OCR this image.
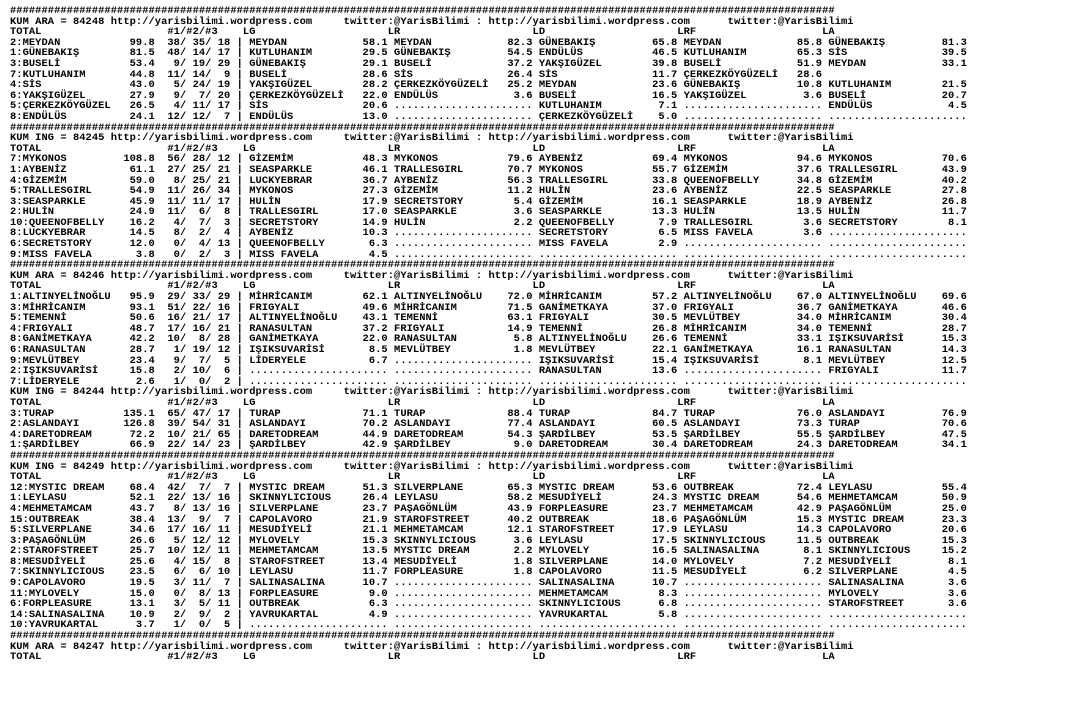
###################################################################################################################################
KUM ARA = 84248 http://yarisbilimi.wordpress.com     twitter:@YarisBilimi : http://yarisbilimi.wordpress.com      twitter:@YarisBilimi
TOTAL                    #1/#2/#3    LG                     LR                     LD                     LRF                    LA
2:MEYDAN           99.8  38/ 35/ 18 | MEYDAN            58.1 MEYDAN            82.3 GÜNEBAKIŞ         65.8 MEYDAN            85.8 GÜNEBAKIŞ         81.3
1:GÜNEBAKIŞ        81.5  48/ 14/ 17 | KUTLUHANIM        29.5 GÜNEBAKIŞ         54.5 ENDÜLÜS           46.5 KUTLUHANIM        65.3 SİS               39.5
3:BUSELİ           53.4   9/ 19/ 29 | GÜNEBAKIŞ         29.1 BUSELİ            37.2 YAKŞIGÜZEL        39.8 BUSELİ            51.9 MEYDAN            33.1
7:KUTLUHANIM       44.8  11/ 14/  9 | BUSELİ            28.6 SİS               26.4 SİS               11.7 ÇERKEZKÖYGÜZELİ   28.6
4:SİS              43.0   5/ 24/ 19 | YAKŞIGÜZEL        28.2 ÇERKEZKÖYGÜZELİ   25.2 MEYDAN            23.6 GÜNEBAKIŞ         10.8 KUTLUHANIM        21.5
6:YAKŞIGÜZEL       27.9   9/  7/ 20 | ÇERKEZKÖYGÜZELİ   22.0 ENDÜLÜS            3.6 BUSELİ            16.5 YAKŞIGÜZEL         3.6 BUSELİ            20.7
5:ÇERKEZKÖYGÜZEL   26.5   4/ 11/ 17 | SİS               20.6 ...................... KUTLUHANIM         7.1 ...................... ENDÜLÜS            4.5
8:ENDÜLÜS          24.1  12/ 12/  7 | ENDÜLÜS           13.0 ...................... ÇERKEZKÖYGÜZELİ    5.0 ...................... ......................
###################################################################################################################################
KUM ING = 84245 http://yarisbilimi.wordpress.com     twitter:@YarisBilimi : http://yarisbilimi.wordpress.com      twitter:@YarisBilimi
TOTAL                    #1/#2/#3    LG                     LR                     LD                     LRF                    LA
7:MYKONOS         108.8  56/ 28/ 12 | GİZEMİM           48.3 MYKONOS           79.6 AYBENİZ           69.4 MYKONOS           94.6 MYKONOS           70.6
1:AYBENİZ          61.1  27/ 25/ 21 | SEASPARKLE        46.1 TRALLESGIRL       70.7 MYKONOS           55.7 GİZEMİM           37.6 TRALLESGIRL       43.9
4:GİZEMİM          59.0   8/ 25/ 21 | LUCKYEBRAR        36.7 AYBENİZ           56.3 TRALLESGIRL       33.8 QUEENOFBELLY      34.8 GİZEMİM           40.2
5:TRALLESGIRL      54.9  11/ 26/ 34 | MYKONOS           27.3 GİZEMİM           11.2 HULİN             23.6 AYBENİZ           22.5 SEASPARKLE        27.8
3:SEASPARKLE       45.9  11/ 11/ 17 | HULİN             17.9 SECRETSTORY        5.4 GİZEMİM           16.1 SEASPARKLE        18.9 AYBENİZ           26.8
2:HULİN            24.9  11/  6/  8 | TRALLESGIRL       17.0 SEASPARKLE         3.6 SEASPARKLE        13.3 HULİN             13.5 HULİN             11.7
10:QUEENOFBELLY    16.2   4/  7/  3 | SECRETSTORY       14.9 HULİN              2.2 QUEENOFBELLY       7.9 TRALLESGIRL        3.6 SECRETSTORY        8.1
8:LUCKYEBRAR       14.5   8/  2/  4 | AYBENİZ           10.3 ...................... SECRETSTORY        6.5 MISS FAVELA        3.6 ......................
6:SECRETSTORY      12.0   0/  4/ 13 | QUEENOFBELLY       6.3 ...................... MISS FAVELA        2.9 ...................... ......................
9:MISS FAVELA       3.8   0/  2/  3 | MISS FAVELA        4.5 ...................... ...................... ...................... ......................
###################################################################################################################################
KUM ARA = 84246 http://yarisbilimi.wordpress.com     twitter:@YarisBilimi : http://yarisbilimi.wordpress.com      twitter:@YarisBilimi
TOTAL                    #1/#2/#3    LG                     LR                     LD                     LRF                    LA
1:ALTINYELİNOĞLU   95.9  29/ 33/ 29 | MİHRİCANIM        62.1 ALTINYELİNOĞLU    72.0 MİHRİCANIM        57.2 ALTINYELİNOĞLU    67.0 ALTINYELİNOĞLU    69.6
3:MİHRİCANIM       93.1  51/ 22/ 16 | FRIGYALI          49.6 MİHRİCANIM        71.5 GANİMETKAYA       37.0 FRIGYALI          36.7 GANİMETKAYA       46.6
5:TEMENNİ          50.6  16/ 21/ 17 | ALTINYELİNOĞLU    43.1 TEMENNİ           63.1 FRIGYALI          30.5 MEVLÜTBEY         34.0 MİHRİCANIM        30.4
4:FRIGYALI         48.7  17/ 16/ 21 | RANASULTAN        37.2 FRIGYALI          14.9 TEMENNİ           26.8 MİHRİCANIM        34.0 TEMENNİ           28.7
8:GANİMETKAYA      42.2  10/  8/ 28 | GANİMETKAYA       22.0 RANASULTAN         5.8 ALTINYELİNOĞLU    26.6 TEMENNİ           33.1 IŞIKSUVARİSİ      15.3
6:RANASULTAN       28.7   1/ 19/ 12 | IŞIKSUVARİSİ       8.5 MEVLÜTBEY          1.8 MEVLÜTBEY         22.1 GANİMETKAYA       16.1 RANASULTAN        14.3
9:MEVLÜTBEY        23.4   9/  7/  5 | LİDERYELE          6.7 ...................... IŞIKSUVARİSİ      15.4 IŞIKSUVARİSİ       8.1 MEVLÜTBEY         12.5
2:IŞIKSUVARİSİ     15.8   2/ 10/  6 | ...................... ...................... RANASULTAN        13.6 ...................... FRIGYALI          11.7
7:LİDERYELE         2.6   1/  0/  2 | ...................... ...................... ...................... ...................... ......................
KUM ING = 84244 http://yarisbilimi.wordpress.com     twitter:@YarisBilimi : http://yarisbilimi.wordpress.com      twitter:@YarisBilimi
TOTAL                    #1/#2/#3    LG                     LR                     LD                     LRF                    LA
3:TURAP           135.1  65/ 47/ 17 | TURAP             71.1 TURAP             88.4 TURAP             84.7 TURAP             76.0 ASLANDAYI         76.9
2:ASLANDAYI       126.8  39/ 54/ 31 | ASLANDAYI         70.2 ASLANDAYI         77.4 ASLANDAYI         60.5 ASLANDAYI         73.3 TURAP             70.6
4:DARETODREAM      72.2  10/ 21/ 65 | DARETODREAM       44.9 DARETODREAM       54.3 ŞARDİLBEY         53.5 ŞARDİLBEY         55.5 ŞARDİLBEY         47.5
1:ŞARDİLBEY        66.9  22/ 14/ 23 | ŞARDİLBEY         42.9 ŞARDİLBEY          9.0 DARETODREAM       30.4 DARETODREAM       24.3 DARETODREAM       34.1
###################################################################################################################################
KUM ING = 84249 http://yarisbilimi.wordpress.com     twitter:@YarisBilimi : http://yarisbilimi.wordpress.com      twitter:@YarisBilimi
TOTAL                    #1/#2/#3    LG                     LR                     LD                     LRF                    LA
12:MYSTIC DREAM    68.4  42/  7/  7 | MYSTIC DREAM      51.3 SILVERPLANE       65.3 MYSTIC DREAM      53.6 OUTBREAK          72.4 LEYLASU           55.4
1:LEYLASU          52.1  22/ 13/ 16 | SKINNYLICIOUS     26.4 LEYLASU           58.2 MESUDİYELİ        24.3 MYSTIC DREAM      54.6 MEHMETAMCAM       50.9
4:MEHMETAMCAM      43.7   8/ 13/ 16 | SILVERPLANE       23.7 PAŞAGÖNLÜM        43.9 FORPLEASURE       23.7 MEHMETAMCAM       42.9 PAŞAGÖNLÜM        25.0
15:OUTBREAK        38.4  13/  9/  7 | CAPOLAVORO        21.9 STAROFSTREET      40.2 OUTBREAK          18.6 PAŞAGÖNLÜM        15.3 MYSTIC DREAM      23.3
5:SILVERPLANE      34.6  17/ 16/ 11 | MESUDİYELİ        21.1 MEHMETAMCAM       12.1 STAROFSTREET      17.9 LEYLASU           14.3 CAPOLAVORO        20.6
3:PAŞAGÖNLÜM       26.6   5/ 12/ 12 | MYLOVELY          15.3 SKINNYLICIOUS      3.6 LEYLASU           17.5 SKINNYLICIOUS     11.5 OUTBREAK          15.3
2:STAROFSTREET     25.7  10/ 12/ 11 | MEHMETAMCAM       13.5 MYSTIC DREAM       2.2 MYLOVELY          16.5 SALINASALINA       8.1 SKINNYLICIOUS     15.2
8:MESUDİYELİ       25.6   4/ 15/  8 | STAROFSTREET      13.4 MESUDİYELİ         1.8 SILVERPLANE       14.0 MYLOVELY           7.2 MESUDİYELİ         8.1
7:SKINNYLICIOUS    23.5   6/  6/ 10 | LEYLASU           11.7 FORPLEASURE        1.8 CAPOLAVORO        11.5 MESUDİYELİ         6.2 SILVERPLANE        4.5
9:CAPOLAVORO       19.5   3/ 11/  7 | SALINASALINA      10.7 ...................... SALINASALINA      10.7 ...................... SALINASALINA       3.6
11:MYLOVELY        15.0   0/  8/ 13 | FORPLEASURE        9.0 ...................... MEHMETAMCAM        8.3 ...................... MYLOVELY           3.6
6:FORPLEASURE      13.1   3/  5/ 11 | OUTBREAK           6.3 ...................... SKINNYLICIOUS      6.8 ...................... STAROFSTREET       3.6
14:SALINASALINA    10.9   2/  9/  2 | YAVRUKARTAL        4.9 ...................... YAVRUKARTAL        5.8 ...................... ......................
10:YAVRUKARTAL      3.7   1/  0/  5 | ...................... ...................... ...................... ...................... ......................
###################################################################################################################################
KUM ARA = 84247 http://yarisbilimi.wordpress.com     twitter:@YarisBilimi : http://yarisbilimi.wordpress.com      twitter:@YarisBilimi
TOTAL                    #1/#2/#3    LG                     LR                     LD                     LRF                    LA
